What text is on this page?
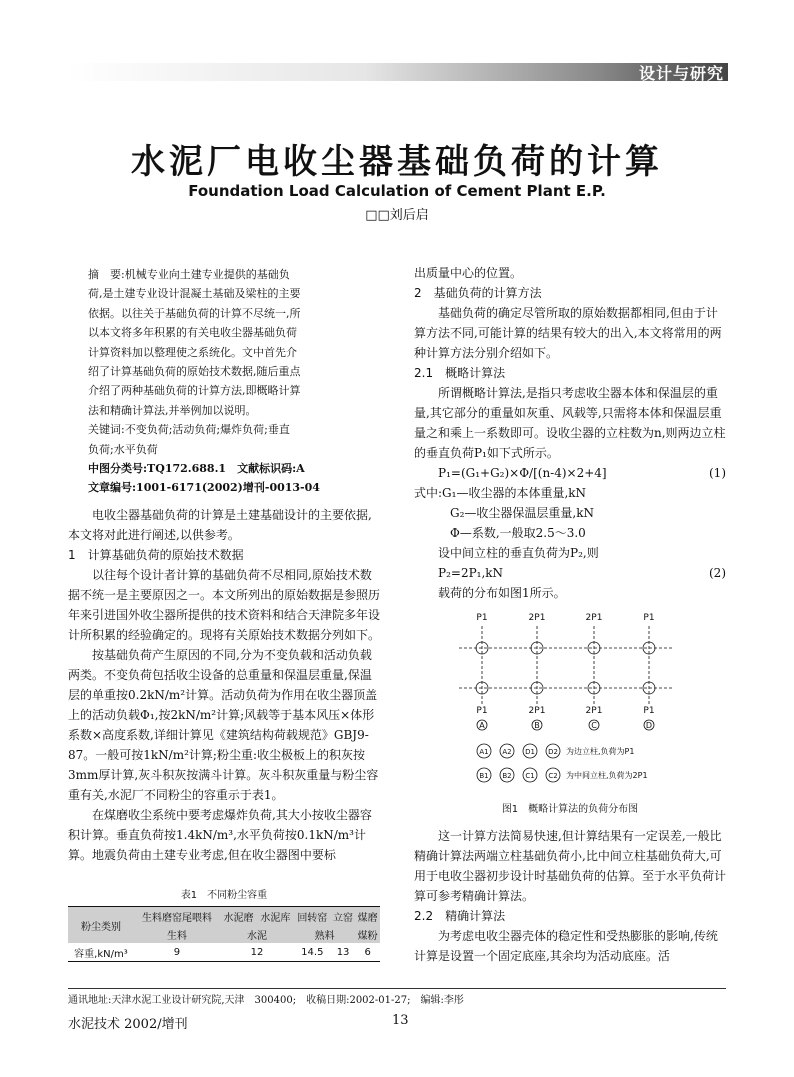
设计与研究
水泥厂电收尘器基础负荷的计算
Foundation Load Calculation of Cement Plant E.P.
□□刘后启
摘　要:机械专业向土建专业提供的基础负
荷,是土建专业设计混凝土基础及梁柱的主要
依据。以往关于基础负荷的计算不尽统一,所
以本文将多年积累的有关电收尘器基础负荷
计算资料加以整理使之系统化。文中首先介
绍了计算基础负荷的原始技术数据,随后重点
介绍了两种基础负荷的计算方法,即概略计算
法和精确计算法,并举例加以说明。
关键词:不变负荷;活动负荷;爆炸负荷;垂直
负荷;水平负荷
中图分类号:TQ172.688.1　文献标识码:A
文章编号:1001-6171(2002)增刊-0013-04

电收尘器基础负荷的计算是土建基础设计的主要依据,本文将对此进行阐述,以供参考。

1　计算基础负荷的原始技术数据

以往每个设计者计算的基础负荷不尽相同,原始技术数据不统一是主要原因之一。本文所列出的原始数据是参照历年来引进国外收尘器所提供的技术资料和结合天津院多年设计所积累的经验确定的。现将有关原始技术数据分列如下。

按基础负荷产生原因的不同,分为不变负载和活动负载两类。不变负荷包括收尘设备的总重量和保温层重量,保温层的单重按0.2kN/m²计算。活动负荷为作用在收尘器顶盖上的活动负载Φ₁,按2kN/m²计算;风载等于基本风压×体形系数×高度系数,详细计算见《建筑结构荷载规范》GBJ9-87。一般可按1kN/m²计算;粉尘重:收尘极板上的积灰按3mm厚计算,灰斗积灰按满斗计算。灰斗积灰重量与粉尘容重有关,水泥厂不同粉尘的容重示于表1。

在煤磨收尘系统中要考虑爆炸负荷,其大小按收尘器容积计算。垂直负荷按1.4kN/m³,水平负荷按0.1kN/m³计算。地震负荷由土建专业考虑,但在收尘器图中要标

表1　不同粉尘容重
粉尘类别	生料磨窑尾喂料	水泥磨	水泥库	回转窑	立窑	煤磨
	生料	水泥		熟料		煤粉
容重,kN/m³	9	12		14.5	13	6

出质量中心的位置。

2　基础负荷的计算方法

基础负荷的确定尽管所取的原始数据都相同,但由于计算方法不同,可能计算的结果有较大的出入,本文将常用的两种计算方法分别介绍如下。

2.1　概略计算法

所谓概略计算法,是指只考虑收尘器本体和保温层的重量,其它部分的重量如灰重、风载等,只需将本体和保温层重量之和乘上一系数即可。设收尘器的立柱数为n,则两边立柱的垂直负荷P₁如下式所示。

P₁=(G₁+G₂)×Φ/[(n-4)×2+4]	(1)

式中:G₁—收尘器的本体重量,kN

G₂—收尘器保温层重量,kN

Φ—系数,一般取2.5～3.0

设中间立柱的垂直负荷为P₂,则

P₂=2P₁,kN	(2)

载荷的分布如图1所示。

P1	2P1	2P1	P1
P1	2P1	2P1	P1
A	B	C	D
A1 A2 D1 D2
B1 B2 C1 C2
为边立柱,负荷为P1
为中间立柱,负荷为2P1
图1　概略计算法的负荷分布图

这一计算方法简易快速,但计算结果有一定误差,一般比精确计算法两端立柱基础负荷小,比中间立柱基础负荷大,可用于电收尘器初步设计时基础负荷的估算。至于水平负荷计算可参考精确计算法。

2.2　精确计算法

为考虑电收尘器壳体的稳定性和受热膨胀的影响,传统计算是设置一个固定底座,其余均为活动底座。活

通讯地址:天津水泥工业设计研究院,天津　300400;　收稿日期:2002-01-27;　编辑:李彤
水泥技术 2002/增刊	13
